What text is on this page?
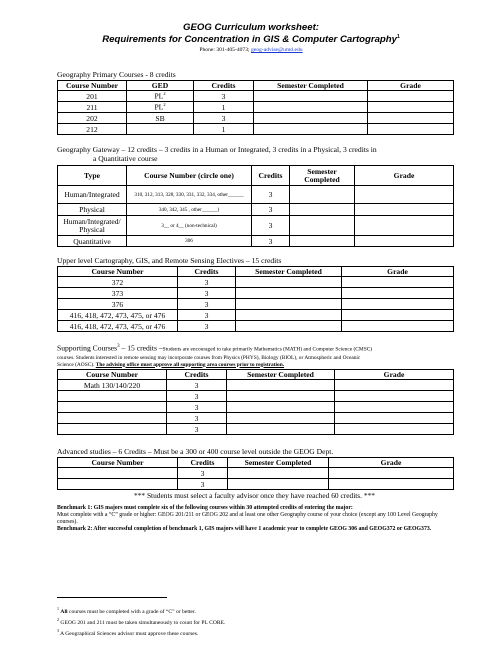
GEOG Curriculum worksheet:
Requirements for Concentration in GIS & Computer Cartography$^1$
Phone: 301-405-4073; geog-advise@umd.edu
Geography Primary Courses - 8 credits
Course Number	GED	Credits	Semester Completed	Grade
201	$PL^2$	3		
211	$PL^2$	1		
202	SB	3		
212		1		
Geography Gateway – 12 credits – 3 credits in a Human or Integrated, 3 credits in a Physical, 3 credits in
a Quantitative course
Type	Course Number (circle one)	Credits	Semester Completed	Grade
Human/Integrated	310, 312, 313, 328, 330, 331, 332, 334, other______	3		
Physical	340, 342, 345 , other______)	3		
Human/Integrated/ Physical	3__ or 4__ (non-technical)	3		
Quantitative	306	3		
Upper level Cartography, GIS, and Remote Sensing Electives – 15 credits
Course Number	Credits	Semester Completed	Grade
372	3		
373	3		
376	3		
416, 418, 472, 473, 475, or 476	3		
416, 418, 472, 473, 475, or 476	3		
Supporting Courses$^3$ – 15 credits –Students are encouraged to take primarily Mathematics (MATH) and Computer Science (CMSC)
courses. Students interested in remote sensing may incorporate courses from Physics (PHYS), Biology (BIOL), or Atmospheric and Oceanic
Science (AOSC). The advising office must approve all supporting area courses prior to registration.
Course Number	Credits	Semester Completed	Grade
Math 130/140/220	3		
	3		
	3		
	3		
	3		
Advanced studies – 6 Credits – Must be a 300 or 400 course level outside the GEOG Dept.
Course Number	Credits	Semester Completed	Grade
	3		
	3		
*** Students must select a faculty advisor once they have reached 60 credits. ***
Benchmark 1: GIS majors must complete six of the following courses within 30 attempted credits of entering the major:
Must complete with a “C” grade or higher: GEOG 201/211 or GEOG 202 and at least one other Geography course of your choice (except any 100 Level Geography courses).
Benchmark 2: After successful completion of benchmark 1, GIS majors will have 1 academic year to complete GEOG 306 and GEOG372 or GEOG373.
$^1$ All courses must be completed with a grade of “C” or better.
$^2$ GEOG 201 and 211 must be taken simultaneously to count for PL CORE.
$^3$ A Geographical Sciences advisor must approve these courses.
